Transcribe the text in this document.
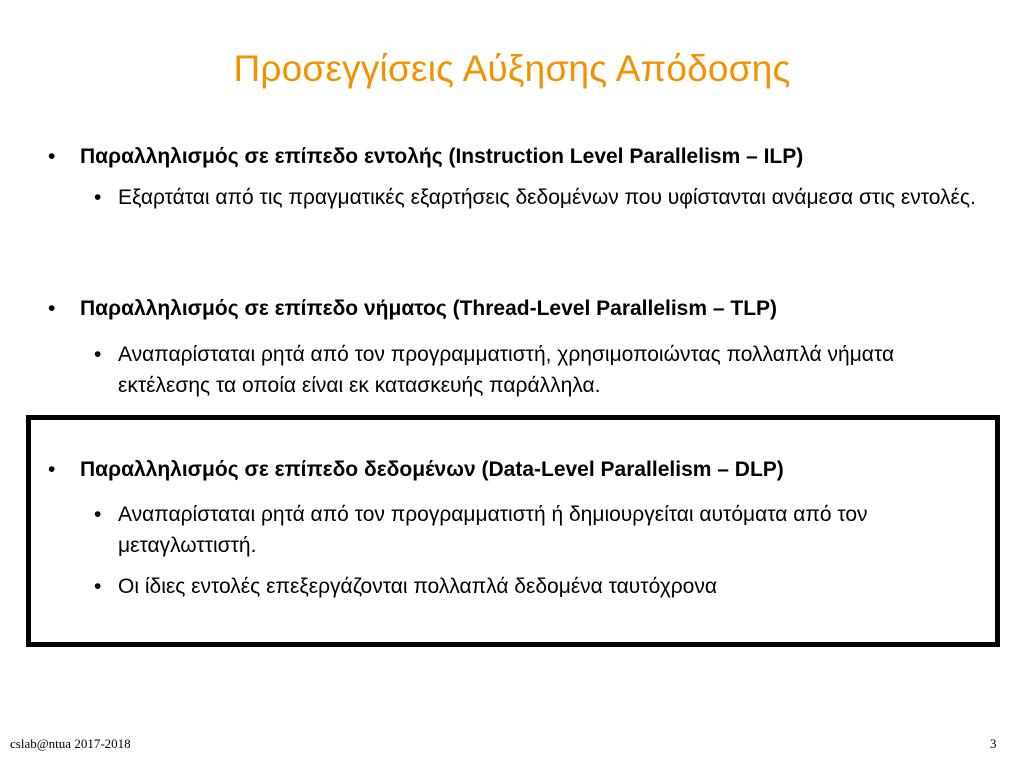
Προσεγγίσεις Αύξησης Απόδοσης
•	Παραλληλισμός σε επίπεδο εντολής (Instruction Level Parallelism – ILP)
• Εξαρτάται από τις πραγματικές εξαρτήσεις δεδομένων που υφίστανται ανάμεσα στις εντολές.
•	Παραλληλισμός σε επίπεδο νήματος (Thread-Level Parallelism – TLP)
• Αναπαρίσταται ρητά από τον προγραμματιστή, χρησιμοποιώντας πολλαπλά νήματα εκτέλεσης τα οποία είναι εκ κατασκευής παράλληλα.
•	Παραλληλισμός σε επίπεδο δεδομένων (Data-Level Parallelism – DLP)
• Αναπαρίσταται ρητά από τον προγραμματιστή ή δημιουργείται αυτόματα από τον μεταγλωττιστή.
• Οι ίδιες εντολές επεξεργάζονται πολλαπλά δεδομένα ταυτόχρονα
cslab@ntua 2017-2018	3
